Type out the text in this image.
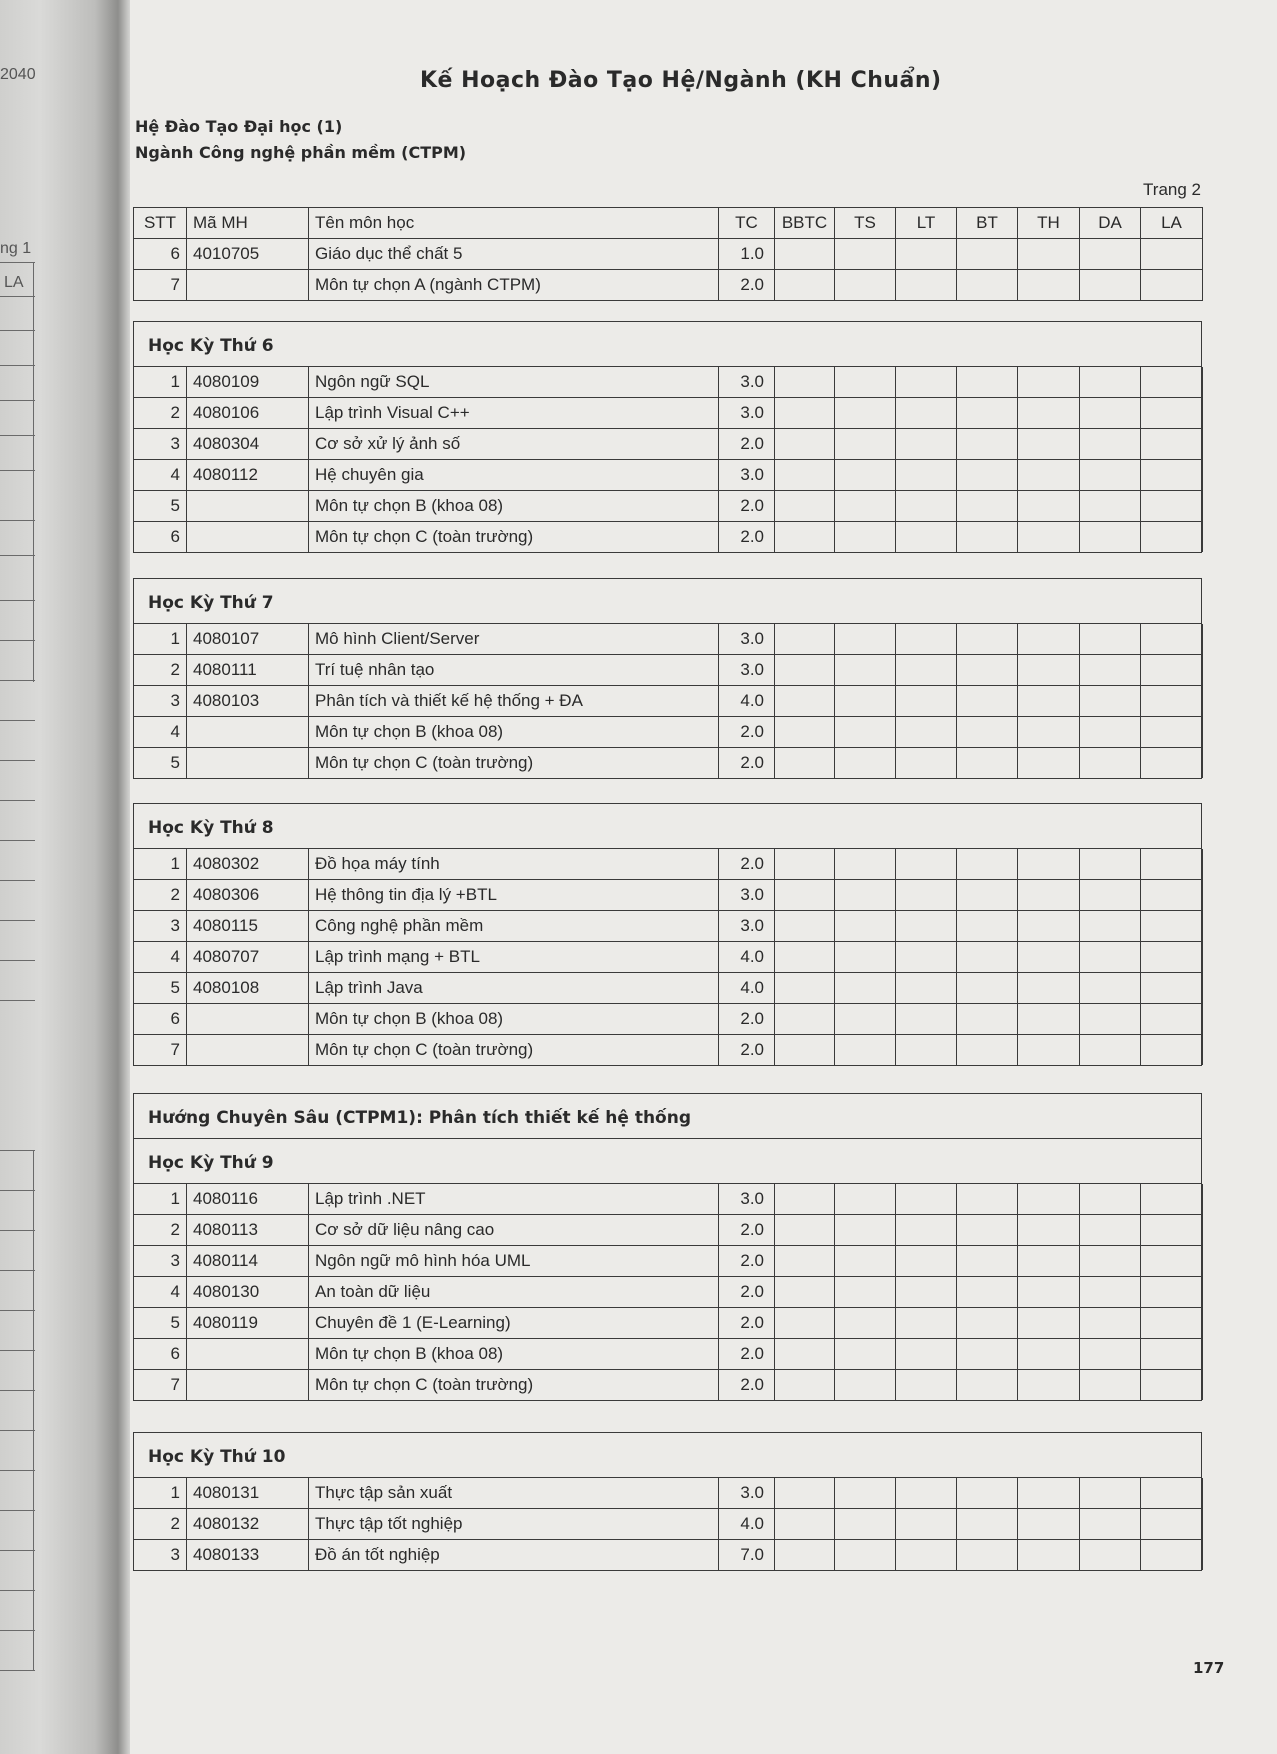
2040
ng 1
LA
Kế Hoạch Đào Tạo Hệ/Ngành (KH Chuẩn)
Hệ Đào Tạo Đại học (1)
Ngành Công nghệ phần mềm (CTPM)
Trang 2
STT	Mã MH	Tên môn học	TC	BBTC	TS	LT	BT	TH	DA	LA
6	4010705	Giáo dục thể chất 5	1.0							
7		Môn tự chọn A (ngành CTPM)	2.0							
Học Kỳ Thứ 6
1	4080109	Ngôn ngữ SQL	3.0							
2	4080106	Lập trình Visual C++	3.0							
3	4080304	Cơ sở xử lý ảnh số	2.0							
4	4080112	Hệ chuyên gia	3.0							
5		Môn tự chọn B (khoa 08)	2.0							
6		Môn tự chọn C (toàn trường)	2.0							
Học Kỳ Thứ 7
1	4080107	Mô hình Client/Server	3.0							
2	4080111	Trí tuệ nhân tạo	3.0							
3	4080103	Phân tích và thiết kế hệ thống + ĐA	4.0							
4		Môn tự chọn B (khoa 08)	2.0							
5		Môn tự chọn C (toàn trường)	2.0							
Học Kỳ Thứ 8
1	4080302	Đồ họa máy tính	2.0							
2	4080306	Hệ thông tin địa lý +BTL	3.0							
3	4080115	Công nghệ phần mềm	3.0							
4	4080707	Lập trình mạng + BTL	4.0							
5	4080108	Lập trình Java	4.0							
6		Môn tự chọn B (khoa 08)	2.0							
7		Môn tự chọn C (toàn trường)	2.0							
Hướng Chuyên Sâu (CTPM1): Phân tích thiết kế hệ thống
Học Kỳ Thứ 9
1	4080116	Lập trình .NET	3.0							
2	4080113	Cơ sở dữ liệu nâng cao	2.0							
3	4080114	Ngôn ngữ mô hình hóa UML	2.0							
4	4080130	An toàn dữ liệu	2.0							
5	4080119	Chuyên đề 1 (E-Learning)	2.0							
6		Môn tự chọn B (khoa 08)	2.0							
7		Môn tự chọn C (toàn trường)	2.0							
Học Kỳ Thứ 10
1	4080131	Thực tập sản xuất	3.0							
2	4080132	Thực tập tốt nghiệp	4.0							
3	4080133	Đồ án tốt nghiệp	7.0							
177
